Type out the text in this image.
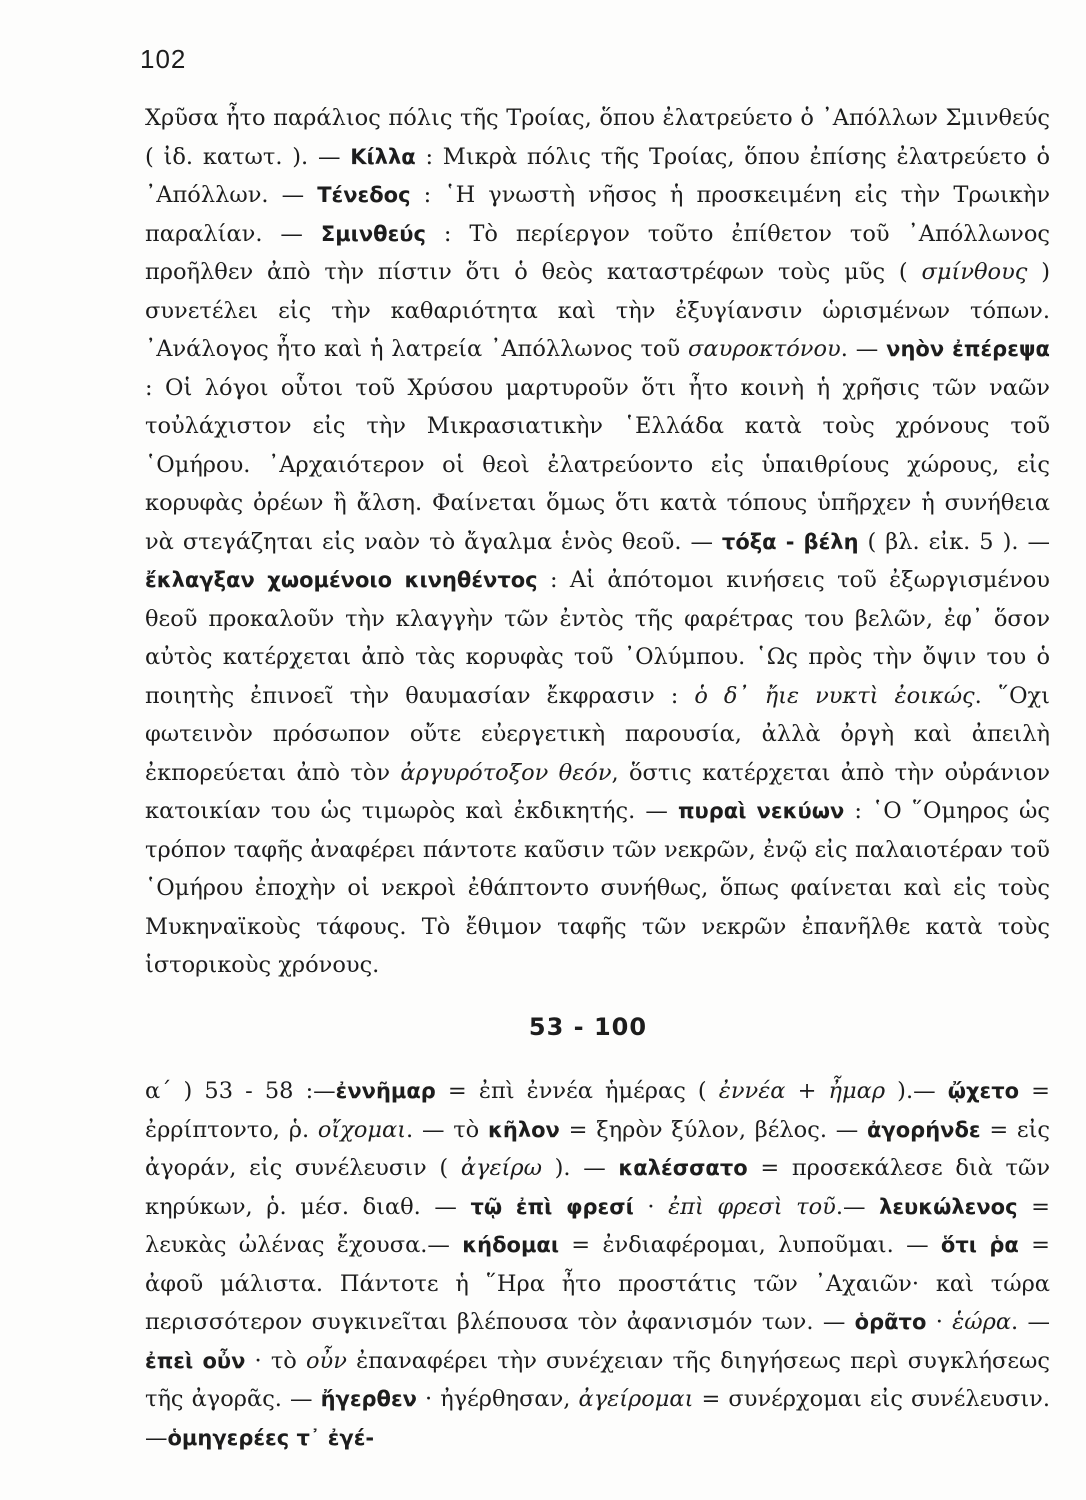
102

Χρῦσα ἦτο παράλιος πόλις τῆς Τροίας, ὅπου ἐλατρεύετο ὁ ᾿Απόλλων Σμινθεύς ( ἰδ. κατωτ. ). — Κίλλα : Μικρὰ πόλις τῆς Τροίας, ὅπου ἐπίσης ἐλατρεύετο ὁ ᾿Απόλλων. — Τένεδος : ῾Η γνωστὴ νῆσος ἡ προσκειμένη εἰς τὴν Τρωικὴν παραλίαν. — Σμινθεύς : Τὸ περίεργον τοῦτο ἐπίθετον τοῦ ᾿Απόλλωνος προῆλθεν ἀπὸ τὴν πίστιν ὅτι ὁ θεὸς καταστρέφων τοὺς μῦς ( σμίνθους ) συνετέλει εἰς τὴν καθαριότητα καὶ τὴν ἐξυγίανσιν ὡρισμένων τόπων. ᾿Ανάλογος ἦτο καὶ ἡ λατρεία ᾿Απόλλωνος τοῦ σαυροκτόνου. — νηὸν ἐπέρεψα : Οἱ λόγοι οὗτοι τοῦ Χρύσου μαρτυροῦν ὅτι ἦτο κοινὴ ἡ χρῆσις τῶν ναῶν τοὐλάχιστον εἰς τὴν Μικρασιατικὴν ῾Ελλάδα κατὰ τοὺς χρόνους τοῦ ῾Ομήρου. ᾿Αρχαιότερον οἱ θεοὶ ἐλατρεύοντο εἰς ὑπαιθρίους χώρους, εἰς κορυφὰς ὀρέων ἢ ἄλση. Φαίνεται ὅμως ὅτι κατὰ τόπους ὑπῆρχεν ἡ συνήθεια νὰ στεγάζηται εἰς ναὸν τὸ ἄγαλμα ἑνὸς θεοῦ. — τόξα - βέλη ( βλ. εἰκ. 5 ). — ἔκλαγξαν χωομένοιο κινηθέντος : Αἱ ἀπότομοι κινήσεις τοῦ ἐξωργισμένου θεοῦ προκαλοῦν τὴν κλαγγὴν τῶν ἐντὸς τῆς φαρέτρας του βελῶν, ἐφ᾿ ὅσον αὐτὸς κατέρχεται ἀπὸ τὰς κορυφὰς τοῦ ᾿Ολύμπου. ῾Ως πρὸς τὴν ὄψιν του ὁ ποιητὴς ἐπινοεῖ τὴν θαυμασίαν ἔκφρασιν : ὁ δ᾿ ἤιε νυκτὶ ἐοικώς. ῞Οχι φωτεινὸν πρόσωπον οὔτε εὐεργετικὴ παρουσία, ἀλλὰ ὀργὴ καὶ ἀπειλὴ ἐκπορεύεται ἀπὸ τὸν ἀργυρότοξον θεόν, ὅστις κατέρχεται ἀπὸ τὴν οὐράνιον κατοικίαν του ὡς τιμωρὸς καὶ ἐκδικητής. — πυραὶ νεκύων : ῾Ο ῞Ομηρος ὡς τρόπον ταφῆς ἀναφέρει πάντοτε καῦσιν τῶν νεκρῶν, ἐνῷ εἰς παλαιοτέραν τοῦ ῾Ομήρου ἐποχὴν οἱ νεκροὶ ἐθάπτοντο συνήθως, ὅπως φαίνεται καὶ εἰς τοὺς Μυκηναϊκοὺς τάφους. Τὸ ἔθιμον ταφῆς τῶν νεκρῶν ἐπανῆλθε κατὰ τοὺς ἱστορικοὺς χρόνους.

53 - 100

α΄ ) 53 - 58 :—ἐννῆμαρ = ἐπὶ ἐννέα ἡμέρας ( ἐννέα + ἦμαρ ).— ᾤχετο = ἐρρίπτοντο, ῥ. οἴχομαι. — τὸ κῆλον = ξηρὸν ξύλον, βέλος. — ἀγορήνδε = εἰς ἀγοράν, εἰς συνέλευσιν ( ἀγείρω ). — καλέσσατο = προσεκάλεσε διὰ τῶν κηρύκων, ῥ. μέσ. διαθ. — τῷ ἐπὶ φρεσί · ἐπὶ φρεσὶ τοῦ.— λευκώλενος = λευκὰς ὠλένας ἔχουσα.— κήδομαι = ἐνδιαφέρομαι, λυποῦμαι. — ὅτι ῥα = ἀφοῦ μάλιστα. Πάντοτε ἡ ῞Ηρα ἦτο προστάτις τῶν ᾿Αχαιῶν· καὶ τώρα περισσότερον συγκινεῖται βλέπουσα τὸν ἀφανισμόν των. — ὁρᾶτο · ἑώρα. — ἐπεὶ οὖν · τὸ οὖν ἐπαναφέρει τὴν συνέχειαν τῆς διηγήσεως περὶ συγκλήσεως τῆς ἀγορᾶς. — ἤγερθεν · ἠγέρθησαν, ἀγείρομαι = συνέρχομαι εἰς συνέλευσιν.—ὁμηγερέες τ᾿ ἐγέ-
